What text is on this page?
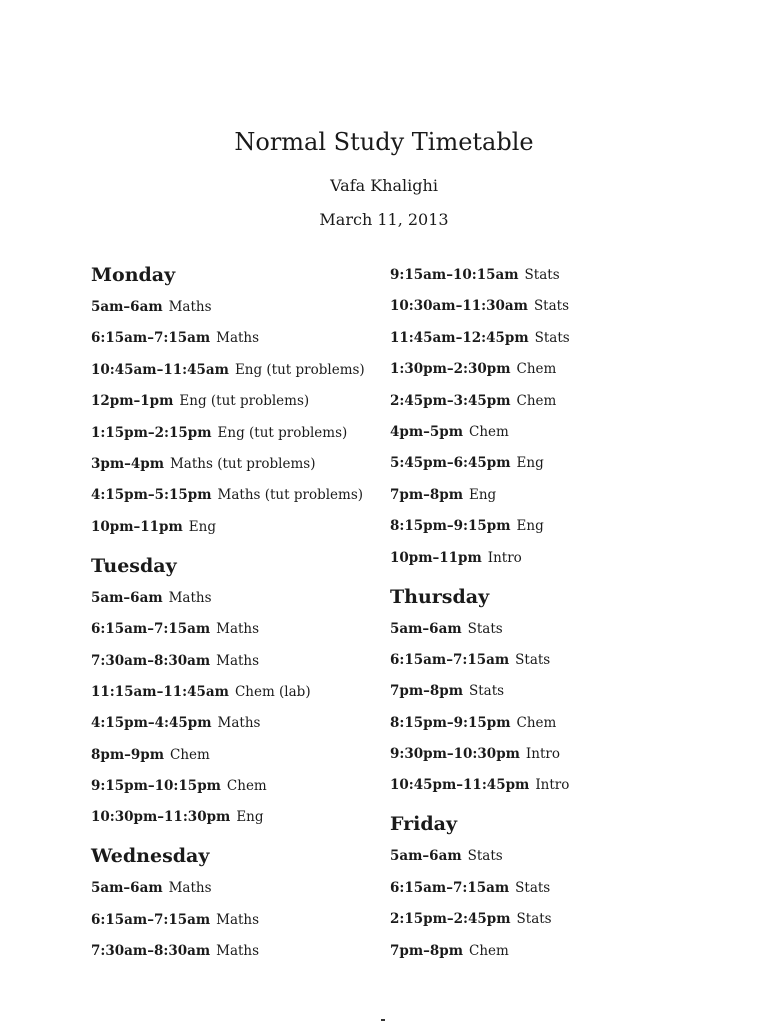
Normal Study Timetable
Vafa Khalighi
March 11, 2013
Monday
5am–6am Maths
6:15am–7:15am Maths
10:45am–11:45am Eng (tut problems)
12pm–1pm Eng (tut problems)
1:15pm–2:15pm Eng (tut problems)
3pm–4pm Maths (tut problems)
4:15pm–5:15pm Maths (tut problems)
10pm–11pm Eng
Tuesday
5am–6am Maths
6:15am–7:15am Maths
7:30am–8:30am Maths
11:15am–11:45am Chem (lab)
4:15pm–4:45pm Maths
8pm–9pm Chem
9:15pm–10:15pm Chem
10:30pm–11:30pm Eng
Wednesday
5am–6am Maths
6:15am–7:15am Maths
7:30am–8:30am Maths
9:15am–10:15am Stats
10:30am–11:30am Stats
11:45am–12:45pm Stats
1:30pm–2:30pm Chem
2:45pm–3:45pm Chem
4pm–5pm Chem
5:45pm–6:45pm Eng
7pm–8pm Eng
8:15pm–9:15pm Eng
10pm–11pm Intro
Thursday
5am–6am Stats
6:15am–7:15am Stats
7pm–8pm Stats
8:15pm–9:15pm Chem
9:30pm–10:30pm Intro
10:45pm–11:45pm Intro
Friday
5am–6am Stats
6:15am–7:15am Stats
2:15pm–2:45pm Stats
7pm–8pm Chem
